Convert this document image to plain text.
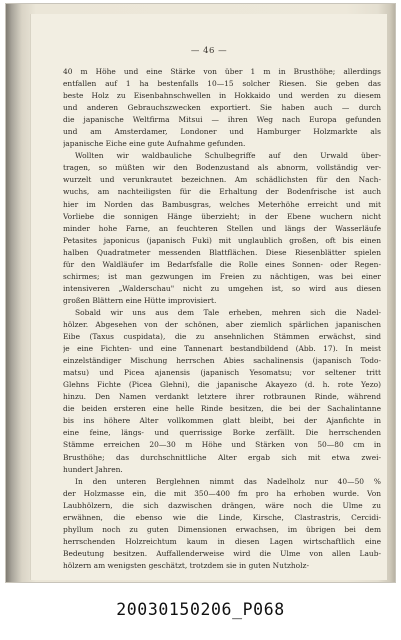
— 46 —

40 m Höhe und eine Stärke von über 1 m in Brusthöhe; allerdings
entfallen auf 1 ha bestenfalls 10—15 solcher Riesen. Sie geben das
beste Holz zu Eisenbahnschwellen in Hokkaido und werden zu diesem
und anderen Gebrauchszwecken exportiert. Sie haben auch — durch
die japanische Weltfirma Mitsui — ihren Weg nach Europa gefunden
und am Amsterdamer, Londoner und Hamburger Holzmarkte als
japanische Eiche eine gute Aufnahme gefunden.

Wollten wir waldbauliche Schulbegriffe auf den Urwald über-
tragen, so müßten wir den Bodenzustand als abnorm, vollständig ver-
wurzelt und verunkrautet bezeichnen. Am schädlichsten für den Nach-
wuchs, am nachteiligsten für die Erhaltung der Bodenfrische ist auch
hier im Norden das Bambusgras, welches Meterhöhe erreicht und mit
Vorliebe die sonnigen Hänge überzieht; in der Ebene wuchern nicht
minder hohe Farne, an feuchteren Stellen und längs der Wasserläufe
Petasites japonicus (japanisch Fuki) mit unglaublich großen, oft bis einen
halben Quadratmeter messenden Blattflächen. Diese Riesenblätter spielen
für den Waldläufer im Bedarfsfalle die Rolle eines Sonnen- oder Regen-
schirmes; ist man gezwungen im Freien zu nächtigen, was bei einer
intensiveren „Walderschau" nicht zu umgehen ist, so wird aus diesen
großen Blättern eine Hütte improvisiert.

Sobald wir uns aus dem Tale erheben, mehren sich die Nadel-
hölzer. Abgesehen von der schönen, aber ziemlich spärlichen japanischen
Eibe (Taxus cuspidata), die zu ansehnlichen Stämmen erwächst, sind
je eine Fichten- und eine Tannenart bestandbildend (Abb. 17). In meist
einzelständiger Mischung herrschen Abies sachalinensis (japanisch Todo-
matsu) und Picea ajanensis (japanisch Yesomatsu; vor seltener tritt
Glehns Fichte (Picea Glehni), die japanische Akayezo (d. h. rote Yezo)
hinzu. Den Namen verdankt letztere ihrer rotbraunen Rinde, während
die beiden ersteren eine helle Rinde besitzen, die bei der Sachalintanne
bis ins höhere Alter vollkommen glatt bleibt, bei der Ajanfichte in
eine feine, längs- und querrissige Borke zerfällt. Die herrschenden
Stämme erreichen 20—30 m Höhe und Stärken von 50—80 cm in
Brusthöhe; das durchschnittliche Alter ergab sich mit etwa zwei-
hundert Jahren.

In den unteren Berglehnen nimmt das Nadelholz nur 40—50 %
der Holzmasse ein, die mit 350—400 fm pro ha erhoben wurde. Von
Laubhölzern, die sich dazwischen drängen, wäre noch die Ulme zu
erwähnen, die ebenso wie die Linde, Kirsche, Clastrastris, Cercidi-
phyllum noch zu guten Dimensionen erwachsen, im übrigen bei dem
herrschenden Holzreichtum kaum in diesen Lagen wirtschaftlich eine
Bedeutung besitzen. Auffallenderweise wird die Ulme von allen Laub-
hölzern am wenigsten geschätzt, trotzdem sie in guten Nutzholz-

20030150206_P068
